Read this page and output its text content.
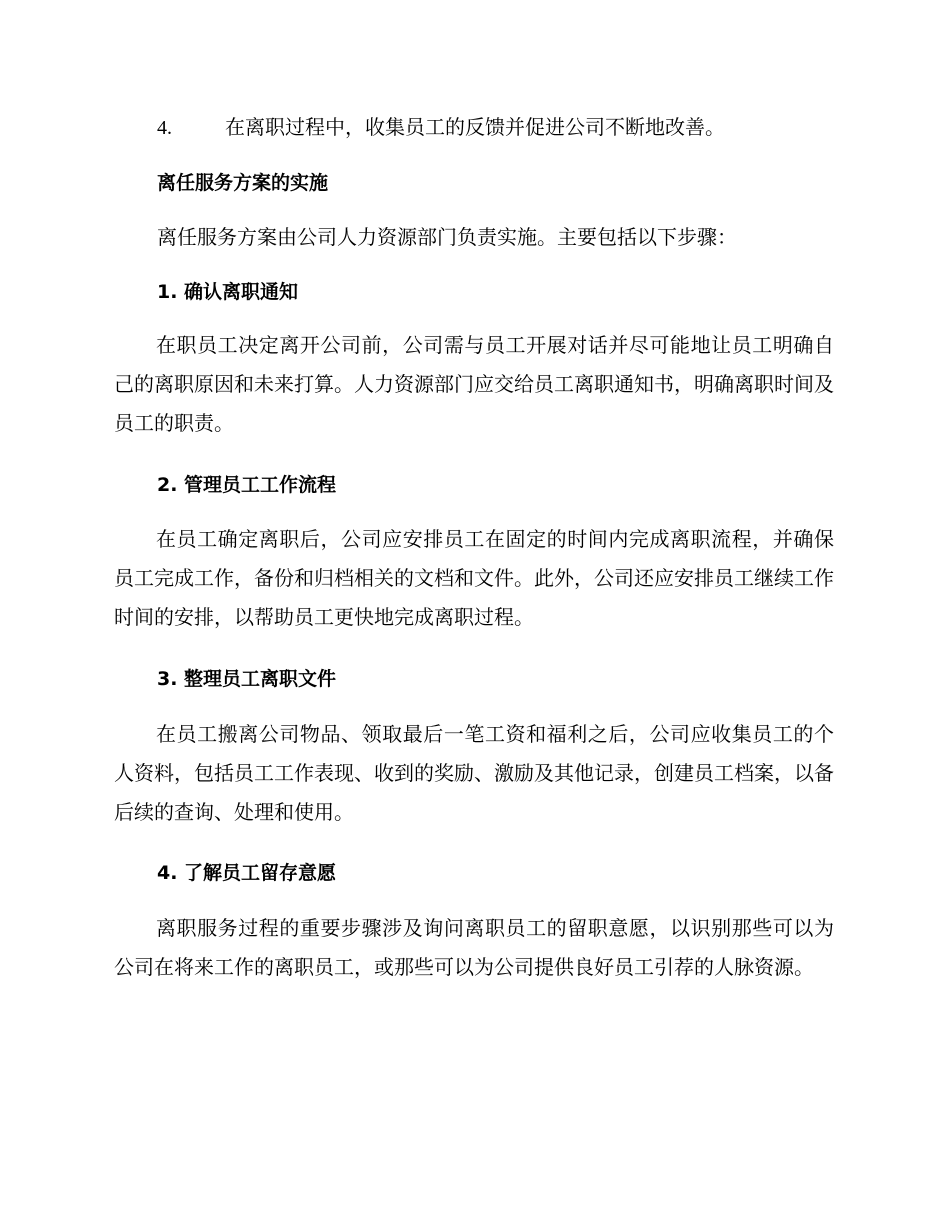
4.	在离职过程中，收集员工的反馈并促进公司不断地改善。
离任服务方案的实施

离任服务方案由公司人力资源部门负责实施。主要包括以下步骤：

1. 确认离职通知

在职员工决定离开公司前，公司需与员工开展对话并尽可能地让员工明确自己的离职原因和未来打算。人力资源部门应交给员工离职通知书，明确离职时间及员工的职责。

2. 管理员工工作流程

在员工确定离职后，公司应安排员工在固定的时间内完成离职流程，并确保员工完成工作，备份和归档相关的文档和文件。此外，公司还应安排员工继续工作时间的安排，以帮助员工更快地完成离职过程。

3. 整理员工离职文件

在员工搬离公司物品、领取最后一笔工资和福利之后，公司应收集员工的个人资料，包括员工工作表现、收到的奖励、激励及其他记录，创建员工档案，以备后续的查询、处理和使用。

4. 了解员工留存意愿

离职服务过程的重要步骤涉及询问离职员工的留职意愿，以识别那些可以为公司在将来工作的离职员工，或那些可以为公司提供良好员工引荐的人脉资源。
